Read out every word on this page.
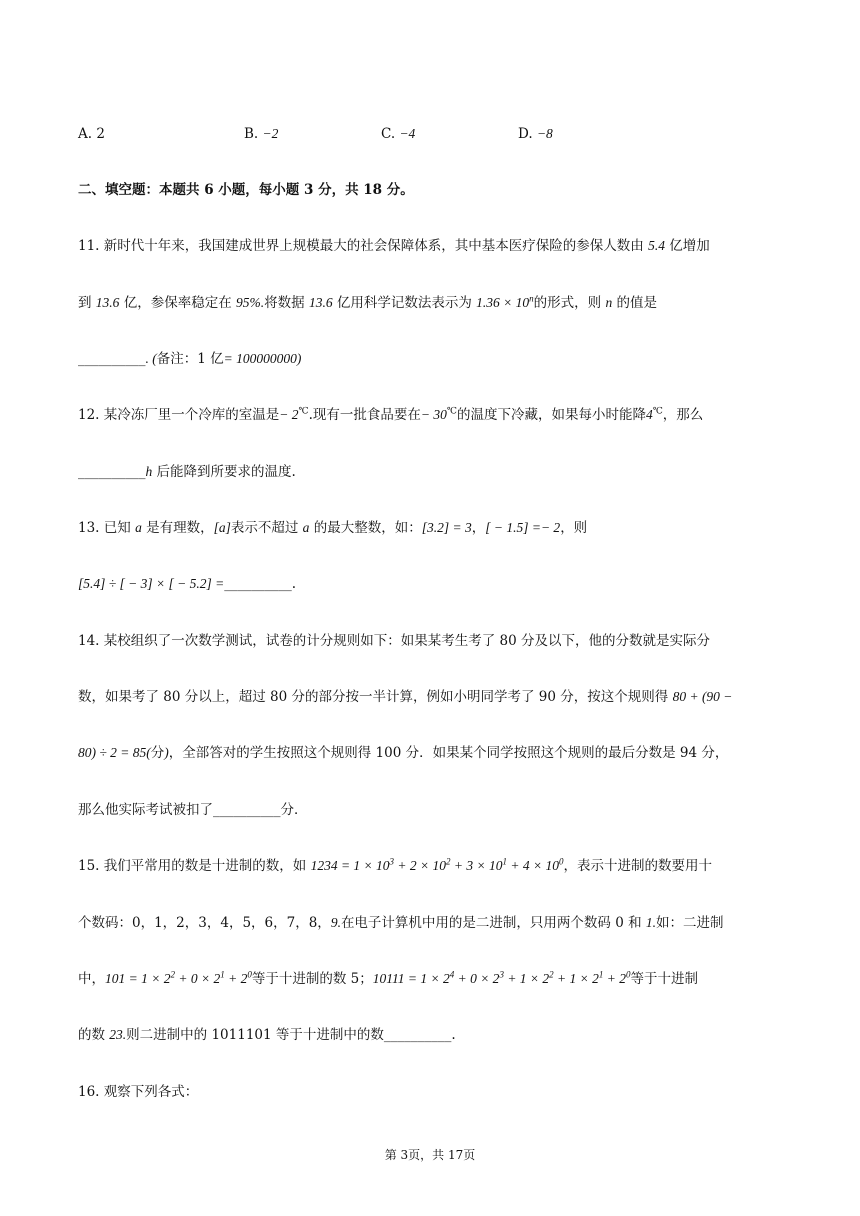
A. 2	B. −2	C. −4	D. −8
二、填空题：本题共 6 小题，每小题 3 分，共 18 分。
11. 新时代十年来，我国建成世界上规模最大的社会保障体系，其中基本医疗保险的参保人数由 5.4 亿增加
到 13.6 亿，参保率稳定在 95%.将数据 13.6 亿用科学记数法表示为 $1.36 \times 10^n$的形式，则 n 的值是
__________. (备注：1 亿= 100000000)
12. 某冷冻厂里一个冷库的室温是− 2℃.现有一批食品要在− 30℃的温度下冷藏，如果每小时能降4℃，那么
__________h 后能降到所要求的温度.
13. 已知 a 是有理数，[a]表示不超过 a 的最大整数，如：[3.2] = 3，[ − 1.5] =− 2，则
[5.4] ÷ [ − 3] × [ − 5.2] =__________.
14. 某校组织了一次数学测试，试卷的计分规则如下：如果某考生考了 80 分及以下，他的分数就是实际分
数，如果考了 80 分以上，超过 80 分的部分按一半计算，例如小明同学考了 90 分，按这个规则得 80 + (90 −
80) ÷ 2 = 85(分)，全部答对的学生按照这个规则得 100 分．如果某个同学按照这个规则的最后分数是 94 分，
那么他实际考试被扣了__________分．
15. 我们平常用的数是十进制的数，如 $1234 = 1 \times 10^3 + 2 \times 10^2 + 3 \times 10^1 + 4 \times 10^0$，表示十进制的数要用十
个数码：0，1，2，3，4，5，6，7，8，9.在电子计算机中用的是二进制，只用两个数码 0 和 1.如：二进制
中，$101 = 1 \times 2^2 + 0 \times 2^1 + 2^0$等于十进制的数 5；$10111 = 1 \times 2^4 + 0 \times 2^3 + 1 \times 2^2 + 1 \times 2^1 + 2^0$等于十进制
的数 23.则二进制中的 1011101 等于十进制中的数__________.
16. 观察下列各式：
第 3页，共 17页
